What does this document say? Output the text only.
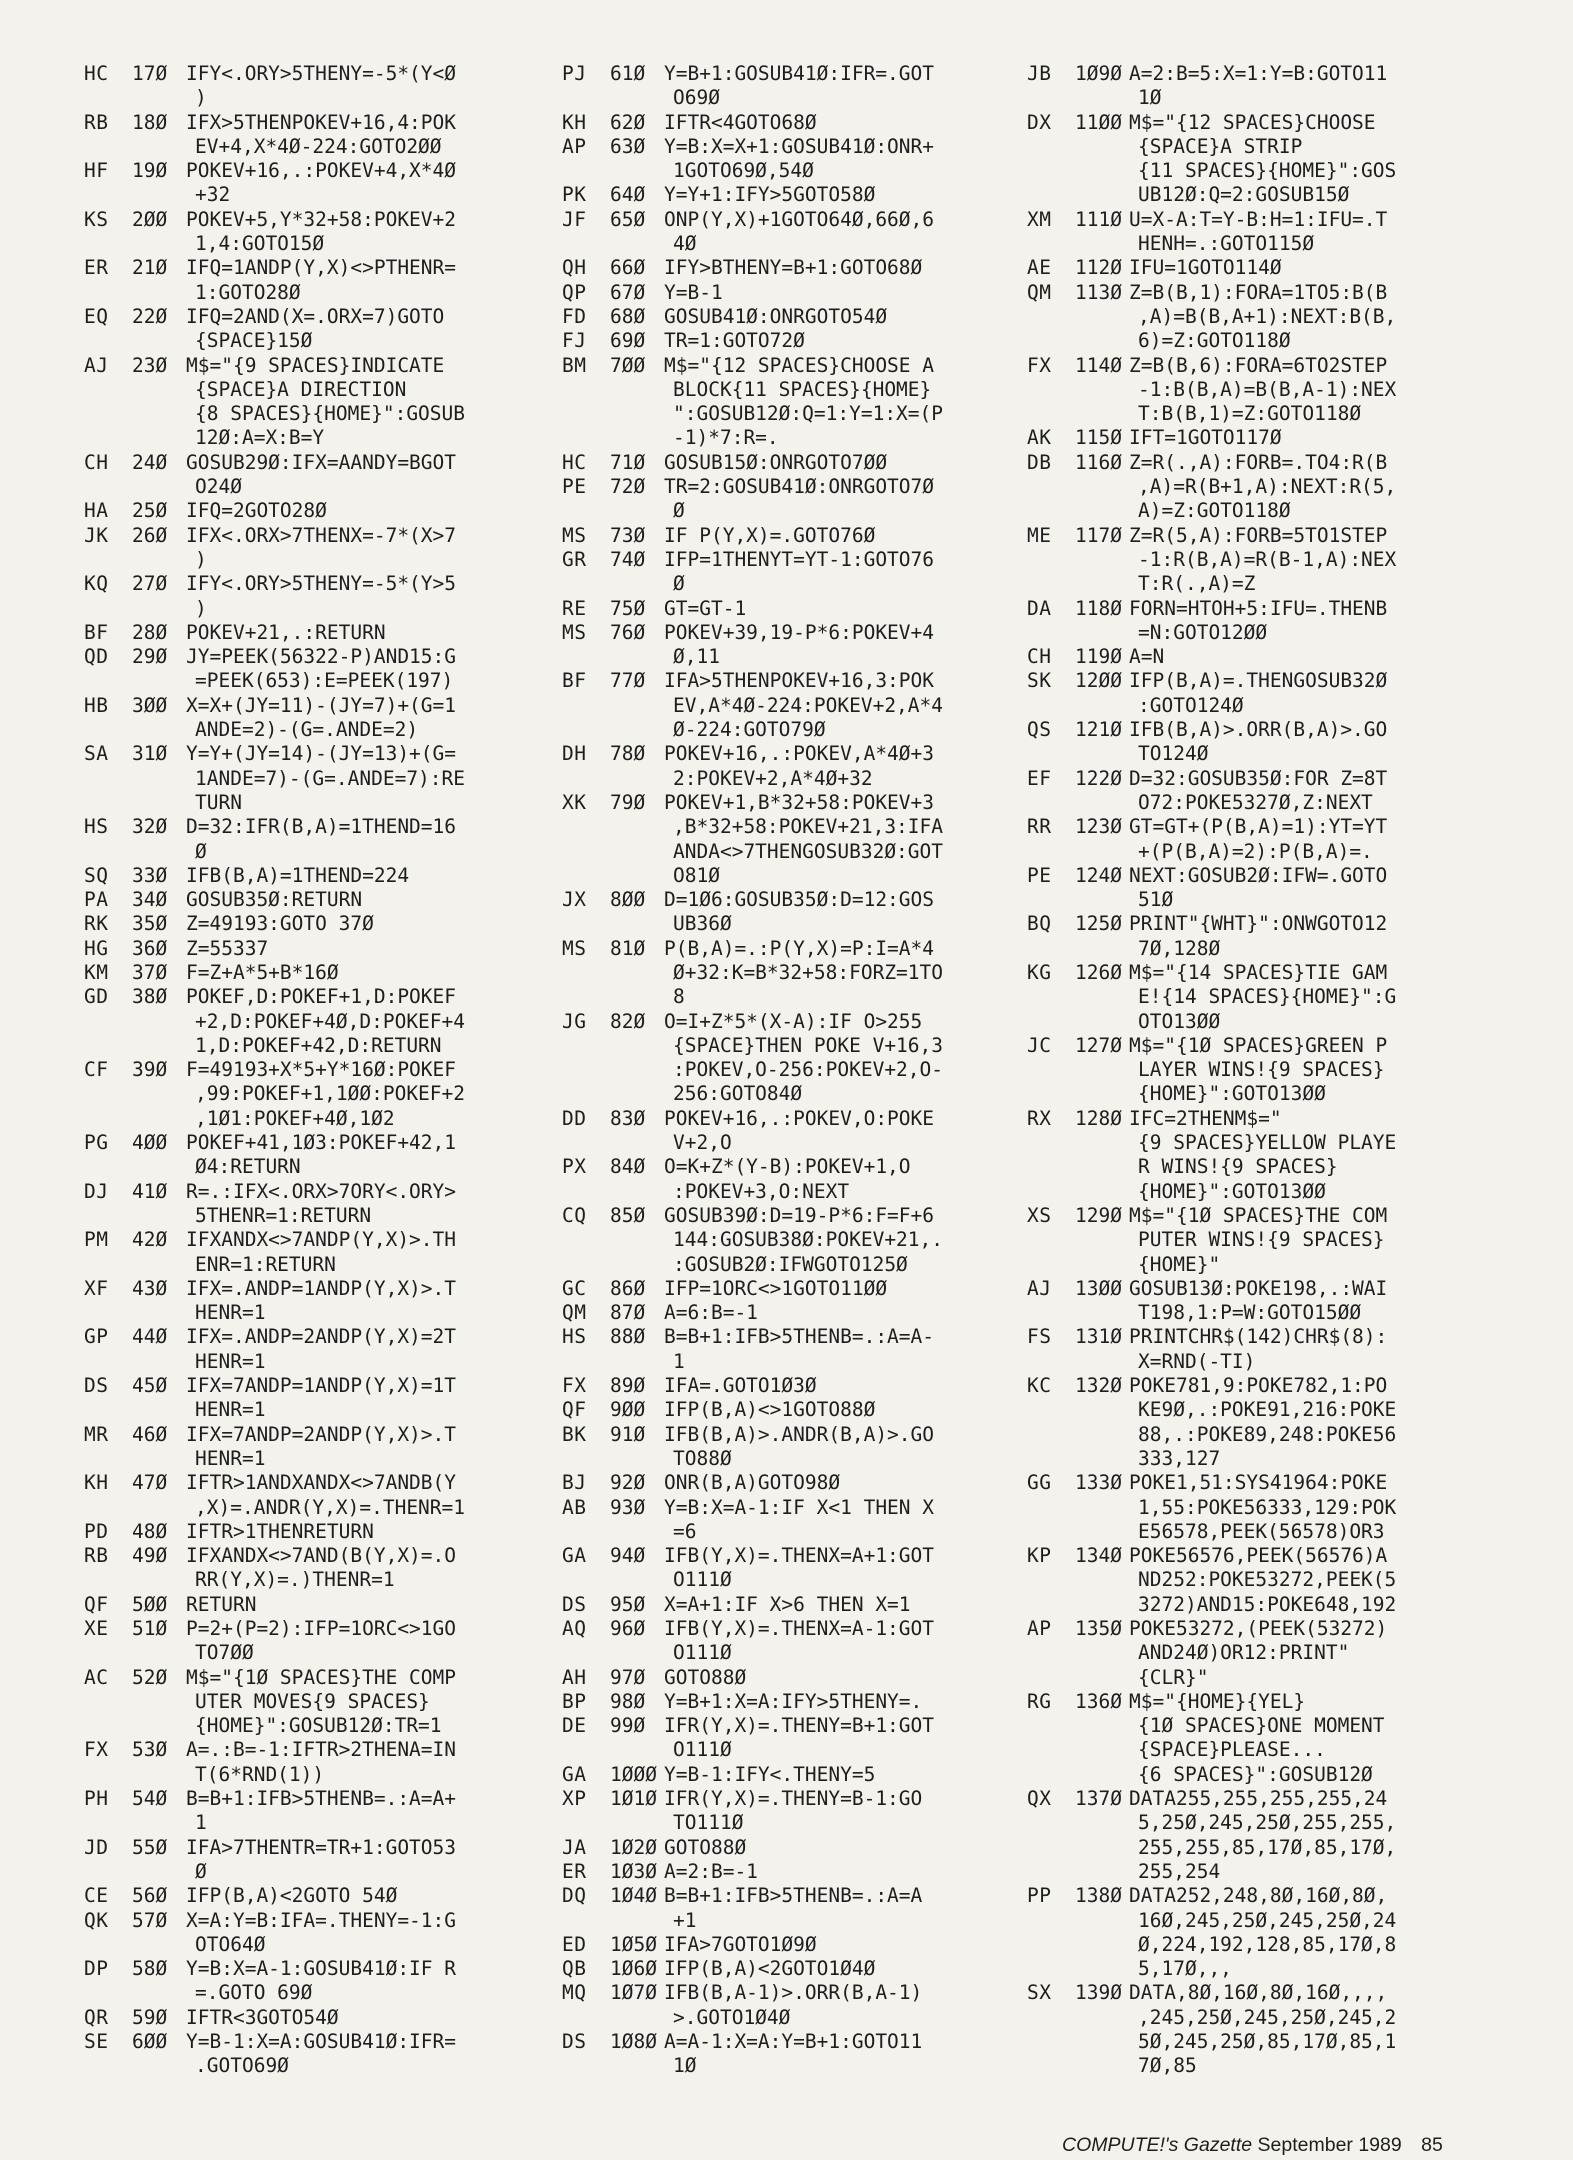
HC	17Ø IFY<.ORY>5THENY=-5*(Y<Ø
)
RB	18Ø IFX>5THENPOKEV+16,4:POK
EV+4,X*4Ø-224:GOTO2ØØ
HF	19Ø POKEV+16,.:POKEV+4,X*4Ø
+32
KS	2ØØ POKEV+5,Y*32+58:POKEV+2
1,4:GOTO15Ø
ER	21Ø IFQ=1ANDP(Y,X)<>PTHENR=
1:GOTO28Ø
EQ	22Ø IFQ=2AND(X=.ORX=7)GOTO
{SPACE}15Ø
AJ	23Ø M$="{9 SPACES}INDICATE
{SPACE}A DIRECTION
{8 SPACES}{HOME}":GOSUB
12Ø:A=X:B=Y
CH	24Ø GOSUB29Ø:IFX=AANDY=BGOT
O24Ø
HA	25Ø IFQ=2GOTO28Ø
JK	26Ø IFX<.ORX>7THENX=-7*(X>7
)
KQ	27Ø IFY<.ORY>5THENY=-5*(Y>5
)
BF	28Ø POKEV+21,.:RETURN
QD	29Ø JY=PEEK(56322-P)AND15:G
=PEEK(653):E=PEEK(197)
HB	3ØØ X=X+(JY=11)-(JY=7)+(G=1
ANDE=2)-(G=.ANDE=2)
SA	31Ø Y=Y+(JY=14)-(JY=13)+(G=
1ANDE=7)-(G=.ANDE=7):RE
TURN
HS	32Ø D=32:IFR(B,A)=1THEND=16
Ø
SQ	33Ø IFB(B,A)=1THEND=224
PA	34Ø GOSUB35Ø:RETURN
RK	35Ø Z=49193:GOTO 37Ø
HG	36Ø Z=55337
KM	37Ø F=Z+A*5+B*16Ø
GD	38Ø POKEF,D:POKEF+1,D:POKEF
+2,D:POKEF+4Ø,D:POKEF+4
1,D:POKEF+42,D:RETURN
CF	39Ø F=49193+X*5+Y*16Ø:POKEF
,99:POKEF+1,1ØØ:POKEF+2
,1Ø1:POKEF+4Ø,1Ø2
PG	4ØØ POKEF+41,1Ø3:POKEF+42,1
Ø4:RETURN
DJ	41Ø R=.:IFX<.ORX>7ORY<.ORY>
5THENR=1:RETURN
PM	42Ø IFXANDX<>7ANDP(Y,X)>.TH
ENR=1:RETURN
XF	43Ø IFX=.ANDP=1ANDP(Y,X)>.T
HENR=1
GP	44Ø IFX=.ANDP=2ANDP(Y,X)=2T
HENR=1
DS	45Ø IFX=7ANDP=1ANDP(Y,X)=1T
HENR=1
MR	46Ø IFX=7ANDP=2ANDP(Y,X)>.T
HENR=1
KH	47Ø IFTR>1ANDXANDX<>7ANDB(Y
,X)=.ANDR(Y,X)=.THENR=1
PD	48Ø IFTR>1THENRETURN
RB	49Ø IFXANDX<>7AND(B(Y,X)=.O
RR(Y,X)=.)THENR=1
QF	5ØØ RETURN
XE	51Ø P=2+(P=2):IFP=1ORC<>1GO
TO7ØØ
AC	52Ø M$="{1Ø SPACES}THE COMP
UTER MOVES{9 SPACES}
{HOME}":GOSUB12Ø:TR=1
FX	53Ø A=.:B=-1:IFTR>2THENA=IN
T(6*RND(1))
PH	54Ø B=B+1:IFB>5THENB=.:A=A+
1
JD	55Ø IFA>7THENTR=TR+1:GOTO53
Ø
CE	56Ø IFP(B,A)<2GOTO 54Ø
QK	57Ø X=A:Y=B:IFA=.THENY=-1:G
OTO64Ø
DP	58Ø Y=B:X=A-1:GOSUB41Ø:IF R
=.GOTO 69Ø
QR	59Ø IFTR<3GOTO54Ø
SE	6ØØ Y=B-1:X=A:GOSUB41Ø:IFR=
.GOTO69Ø
PJ	61Ø Y=B+1:GOSUB41Ø:IFR=.GOT
O69Ø
KH	62Ø IFTR<4GOTO68Ø
AP	63Ø Y=B:X=X+1:GOSUB41Ø:ONR+
1GOTO69Ø,54Ø
PK	64Ø Y=Y+1:IFY>5GOTO58Ø
JF	65Ø ONP(Y,X)+1GOTO64Ø,66Ø,6
4Ø
QH	66Ø IFY>BTHENY=B+1:GOTO68Ø
QP	67Ø Y=B-1
FD	68Ø GOSUB41Ø:ONRGOTO54Ø
FJ	69Ø TR=1:GOTO72Ø
BM	7ØØ M$="{12 SPACES}CHOOSE A
BLOCK{11 SPACES}{HOME}
":GOSUB12Ø:Q=1:Y=1:X=(P
-1)*7:R=.
HC	71Ø GOSUB15Ø:ONRGOTO7ØØ
PE	72Ø TR=2:GOSUB41Ø:ONRGOTO7Ø
Ø
MS	73Ø IF P(Y,X)=.GOTO76Ø
GR	74Ø IFP=1THENYT=YT-1:GOTO76
Ø
RE	75Ø GT=GT-1
MS	76Ø POKEV+39,19-P*6:POKEV+4
Ø,11
BF	77Ø IFA>5THENPOKEV+16,3:POK
EV,A*4Ø-224:POKEV+2,A*4
Ø-224:GOTO79Ø
DH	78Ø POKEV+16,.:POKEV,A*4Ø+3
2:POKEV+2,A*4Ø+32
XK	79Ø POKEV+1,B*32+58:POKEV+3
,B*32+58:POKEV+21,3:IFA
ANDA<>7THENGOSUB32Ø:GOT
O81Ø
JX	8ØØ D=1Ø6:GOSUB35Ø:D=12:GOS
UB36Ø
MS	81Ø P(B,A)=.:P(Y,X)=P:I=A*4
Ø+32:K=B*32+58:FORZ=1TO
8
JG	82Ø O=I+Z*5*(X-A):IF O>255
{SPACE}THEN POKE V+16,3
:POKEV,O-256:POKEV+2,O-
256:GOTO84Ø
DD	83Ø POKEV+16,.:POKEV,O:POKE
V+2,O
PX	84Ø O=K+Z*(Y-B):POKEV+1,O
:POKEV+3,O:NEXT
CQ	85Ø GOSUB39Ø:D=19-P*6:F=F+6
144:GOSUB38Ø:POKEV+21,.
:GOSUB2Ø:IFWGOTO125Ø
GC	86Ø IFP=1ORC<>1GOTO11ØØ
QM	87Ø A=6:B=-1
HS	88Ø B=B+1:IFB>5THENB=.:A=A-
1
FX	89Ø IFA=.GOTO1Ø3Ø
QF	9ØØ IFP(B,A)<>1GOTO88Ø
BK	91Ø IFB(B,A)>.ANDR(B,A)>.GO
TO88Ø
BJ	92Ø ONR(B,A)GOTO98Ø
AB	93Ø Y=B:X=A-1:IF X<1 THEN X
=6
GA	94Ø IFB(Y,X)=.THENX=A+1:GOT
O111Ø
DS	95Ø X=A+1:IF X>6 THEN X=1
AQ	96Ø IFB(Y,X)=.THENX=A-1:GOT
O111Ø
AH	97Ø GOTO88Ø
BP	98Ø Y=B+1:X=A:IFY>5THENY=.
DE	99Ø IFR(Y,X)=.THENY=B+1:GOT
O111Ø
GA	1ØØØ Y=B-1:IFY<.THENY=5
XP	1Ø1Ø IFR(Y,X)=.THENY=B-1:GO
TO111Ø
JA	1Ø2Ø GOTO88Ø
ER	1Ø3Ø A=2:B=-1
DQ	1Ø4Ø B=B+1:IFB>5THENB=.:A=A
+1
ED	1Ø5Ø IFA>7GOTO1Ø9Ø
QB	1Ø6Ø IFP(B,A)<2GOTO1Ø4Ø
MQ	1Ø7Ø IFB(B,A-1)>.ORR(B,A-1)
>.GOTO1Ø4Ø
DS	1Ø8Ø A=A-1:X=A:Y=B+1:GOTO11
1Ø
JB	1Ø9Ø A=2:B=5:X=1:Y=B:GOTO11
1Ø
DX	11ØØ M$="{12 SPACES}CHOOSE
{SPACE}A STRIP
{11 SPACES}{HOME}":GOS
UB12Ø:Q=2:GOSUB15Ø
XM	111Ø U=X-A:T=Y-B:H=1:IFU=.T
HENH=.:GOTO115Ø
AE	112Ø IFU=1GOTO114Ø
QM	113Ø Z=B(B,1):FORA=1TO5:B(B
,A)=B(B,A+1):NEXT:B(B,
6)=Z:GOTO118Ø
FX	114Ø Z=B(B,6):FORA=6TO2STEP
-1:B(B,A)=B(B,A-1):NEX
T:B(B,1)=Z:GOTO118Ø
AK	115Ø IFT=1GOTO117Ø
DB	116Ø Z=R(.,A):FORB=.TO4:R(B
,A)=R(B+1,A):NEXT:R(5,
A)=Z:GOTO118Ø
ME	117Ø Z=R(5,A):FORB=5TO1STEP
-1:R(B,A)=R(B-1,A):NEX
T:R(.,A)=Z
DA	118Ø FORN=HTOH+5:IFU=.THENB
=N:GOTO12ØØ
CH	119Ø A=N
SK	12ØØ IFP(B,A)=.THENGOSUB32Ø
:GOTO124Ø
QS	121Ø IFB(B,A)>.ORR(B,A)>.GO
TO124Ø
EF	122Ø D=32:GOSUB35Ø:FOR Z=8T
O72:POKE5327Ø,Z:NEXT
RR	123Ø GT=GT+(P(B,A)=1):YT=YT
+(P(B,A)=2):P(B,A)=.
PE	124Ø NEXT:GOSUB2Ø:IFW=.GOTO
51Ø
BQ	125Ø PRINT"{WHT}":ONWGOTO12
7Ø,128Ø
KG	126Ø M$="{14 SPACES}TIE GAM
E!{14 SPACES}{HOME}":G
OTO13ØØ
JC	127Ø M$="{1Ø SPACES}GREEN P
LAYER WINS!{9 SPACES}
{HOME}":GOTO13ØØ
RX	128Ø IFC=2THENM$="
{9 SPACES}YELLOW PLAYE
R WINS!{9 SPACES}
{HOME}":GOTO13ØØ
XS	129Ø M$="{1Ø SPACES}THE COM
PUTER WINS!{9 SPACES}
{HOME}"
AJ	13ØØ GOSUB13Ø:POKE198,.:WAI
T198,1:P=W:GOTO15ØØ
FS	131Ø PRINTCHR$(142)CHR$(8):
X=RND(-TI)
KC	132Ø POKE781,9:POKE782,1:PO
KE9Ø,.:POKE91,216:POKE
88,.:POKE89,248:POKE56
333,127
GG	133Ø POKE1,51:SYS41964:POKE
1,55:POKE56333,129:POK
E56578,PEEK(56578)OR3
KP	134Ø POKE56576,PEEK(56576)A
ND252:POKE53272,PEEK(5
3272)AND15:POKE648,192
AP	135Ø POKE53272,(PEEK(53272)
AND24Ø)OR12:PRINT"
{CLR}"
RG	136Ø M$="{HOME}{YEL}
{1Ø SPACES}ONE MOMENT
{SPACE}PLEASE...
{6 SPACES}":GOSUB12Ø
QX	137Ø DATA255,255,255,255,24
5,25Ø,245,25Ø,255,255,
255,255,85,17Ø,85,17Ø,
255,254
PP	138Ø DATA252,248,8Ø,16Ø,8Ø,
16Ø,245,25Ø,245,25Ø,24
Ø,224,192,128,85,17Ø,8
5,17Ø,,,
SX	139Ø DATA,8Ø,16Ø,8Ø,16Ø,,,,
,245,25Ø,245,25Ø,245,2
5Ø,245,25Ø,85,17Ø,85,1
7Ø,85
COMPUTE!'s Gazette September 1989 85
